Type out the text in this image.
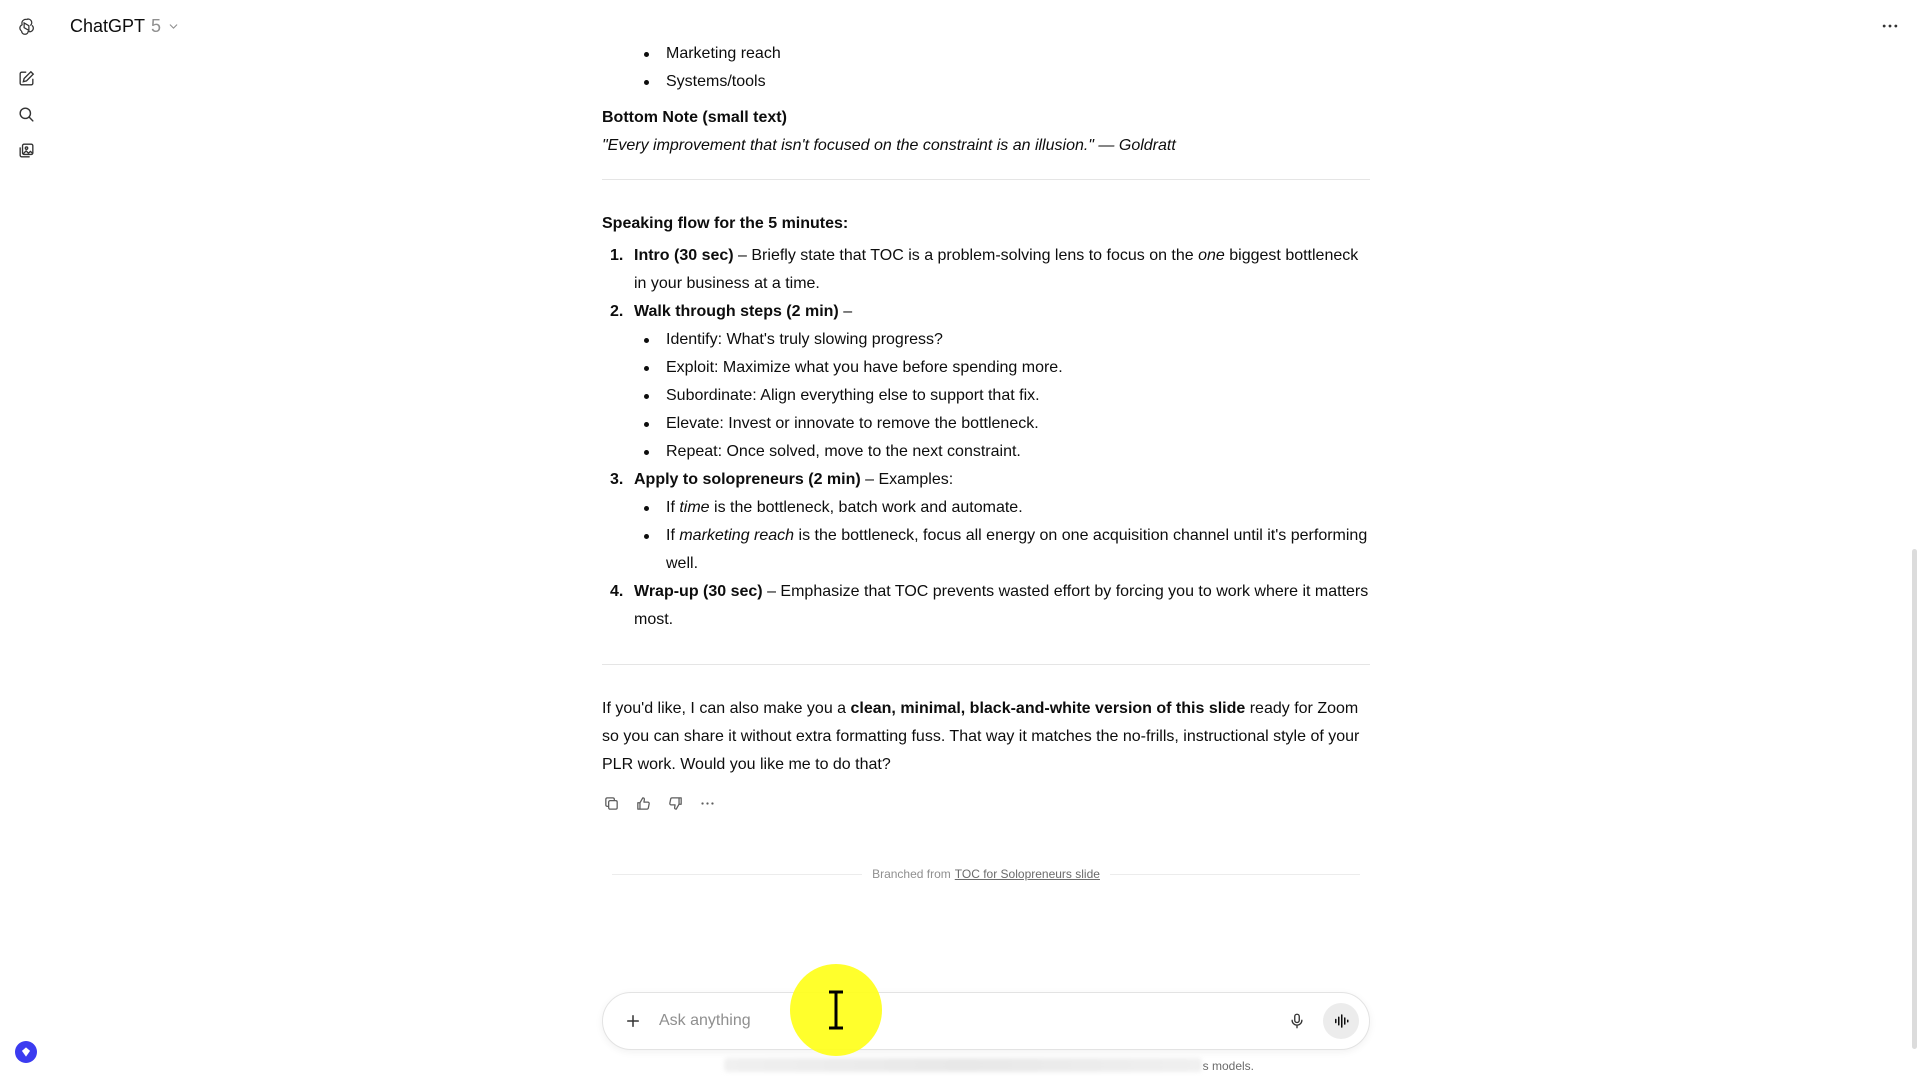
ChatGPT 5
Marketing reach
Systems/tools

Bottom Note (small text)

"Every improvement that isn't focused on the constraint is an illusion." — Goldratt

Speaking flow for the 5 minutes:

1. Intro (30 sec) – Briefly state that TOC is a problem-solving lens to focus on the one biggest bottleneck in your business at a time.
2. Walk through steps (2 min) –
Identify: What's truly slowing progress?
Exploit: Maximize what you have before spending more.
Subordinate: Align everything else to support that fix.
Elevate: Invest or innovate to remove the bottleneck.
Repeat: Once solved, move to the next constraint.
3. Apply to solopreneurs (2 min) – Examples:
If time is the bottleneck, batch work and automate.
If marketing reach is the bottleneck, focus all energy on one acquisition channel until it's performing well.
4. Wrap-up (30 sec) – Emphasize that TOC prevents wasted effort by forcing you to work where it matters most.

If you'd like, I can also make you a clean, minimal, black-and-white version of this slide ready for Zoom so you can share it without extra formatting fuss. That way it matches the no-frills, instructional style of your PLR work. Would you like me to do that?

Branched from TOC for Solopreneurs slide
Ask anything
s models.
